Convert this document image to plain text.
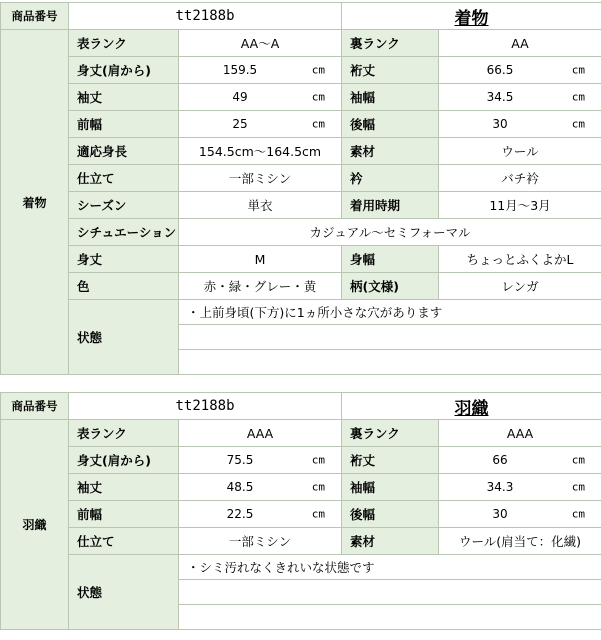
商品番号	tt2188b		着物	
着物	表ランク	AA～A	裏ランク	AA
	身丈(肩から)	159.5 cm	裄丈	66.5 cm

	袖丈	49 cm	袖幅	34.5 cm

	前幅	25 cm	後幅	30 cm

	適応身長	154.5cm～164.5cm	素材	ウール
	仕立て	一部ミシン	衿	バチ衿
	シーズン	単衣	着用時期	11月～3月
	シチュエーション	カジュアル～セミフォーマル		
	身丈	M	身幅	ちょっとふくよかL
	色	赤・緑・グレー・黄	柄(文様)	レンガ
	状態	・上前身頃(下方)に1ヵ所小さな穴があります		

商品番号	tt2188b		羽織	
羽織	表ランク	AAA	裏ランク	AAA
	身丈(肩から)	75.5 cm	裄丈	66 cm

	袖丈	48.5 cm	袖幅	34.3 cm

	前幅	22.5 cm	後幅	30 cm

	仕立て	一部ミシン	素材	ウール(肩当て：化繊)
	状態	・シミ汚れなくきれいな状態です		
